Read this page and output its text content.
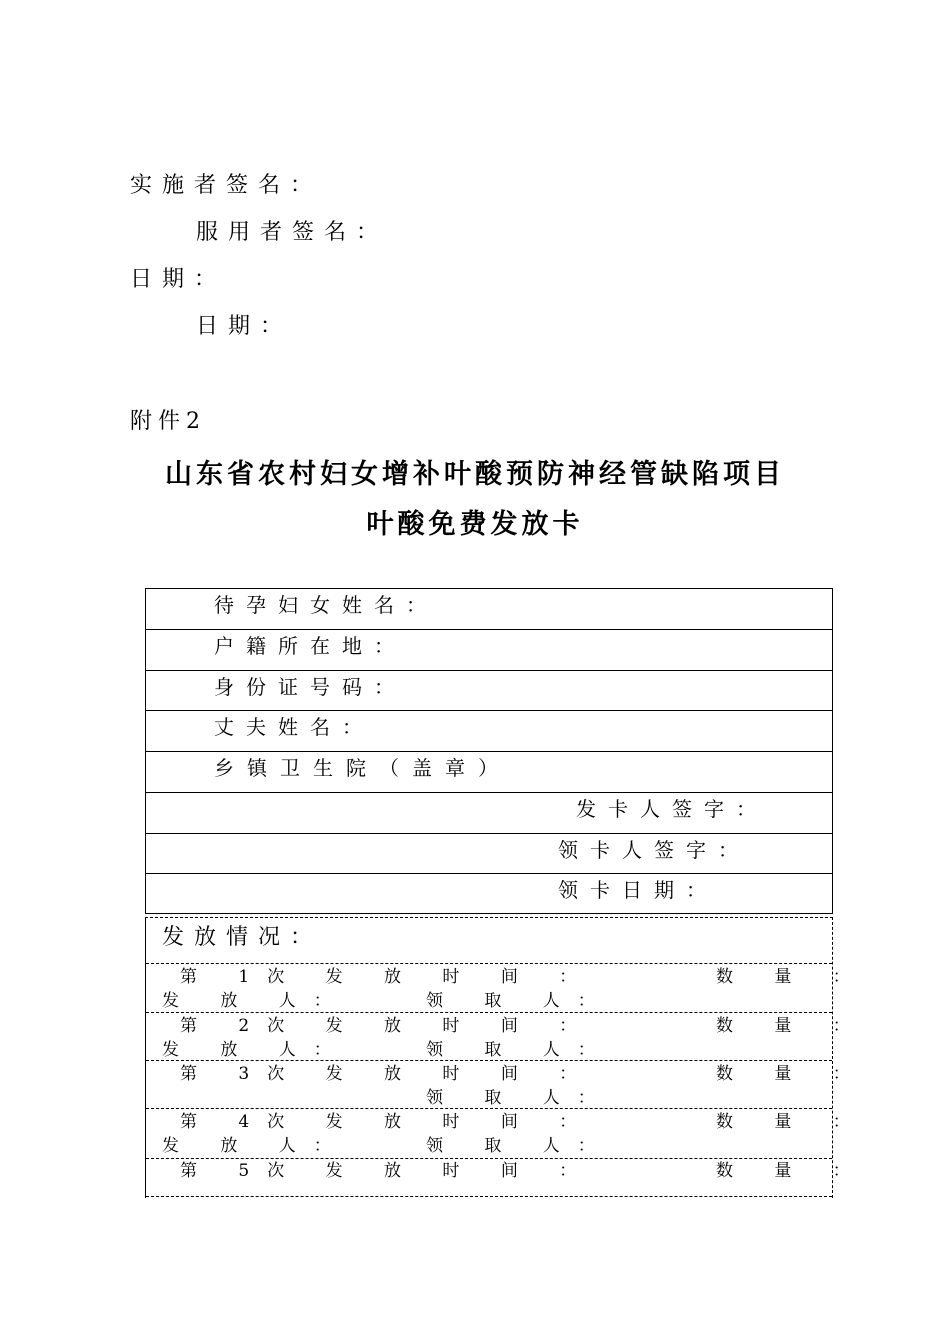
实施者签名：
服用者签名：
日期：
日期：
附件2
山东省农村妇女增补叶酸预防神经管缺陷项目
叶酸免费发放卡
待孕妇女姓名：
户籍所在地：
身份证号码：
丈夫姓名：
乡镇卫生院（盖章）
发卡人签字：
领卡人签字：
领卡日期：
发放情况：
第 1次 发 放 时 间 ：	数 量 ：
发 放 人：	领 取 人：
第 2次 发 放 时 间 ：	数 量 ：
发 放 人：	领 取 人：
第 3次 发 放 时 间 ：	数 量 ：
领 取 人：
第 4次 发 放 时 间 ：	数 量 ：
发 放 人：	领 取 人：
第 5次 发 放 时 间 ：	数 量 ：
